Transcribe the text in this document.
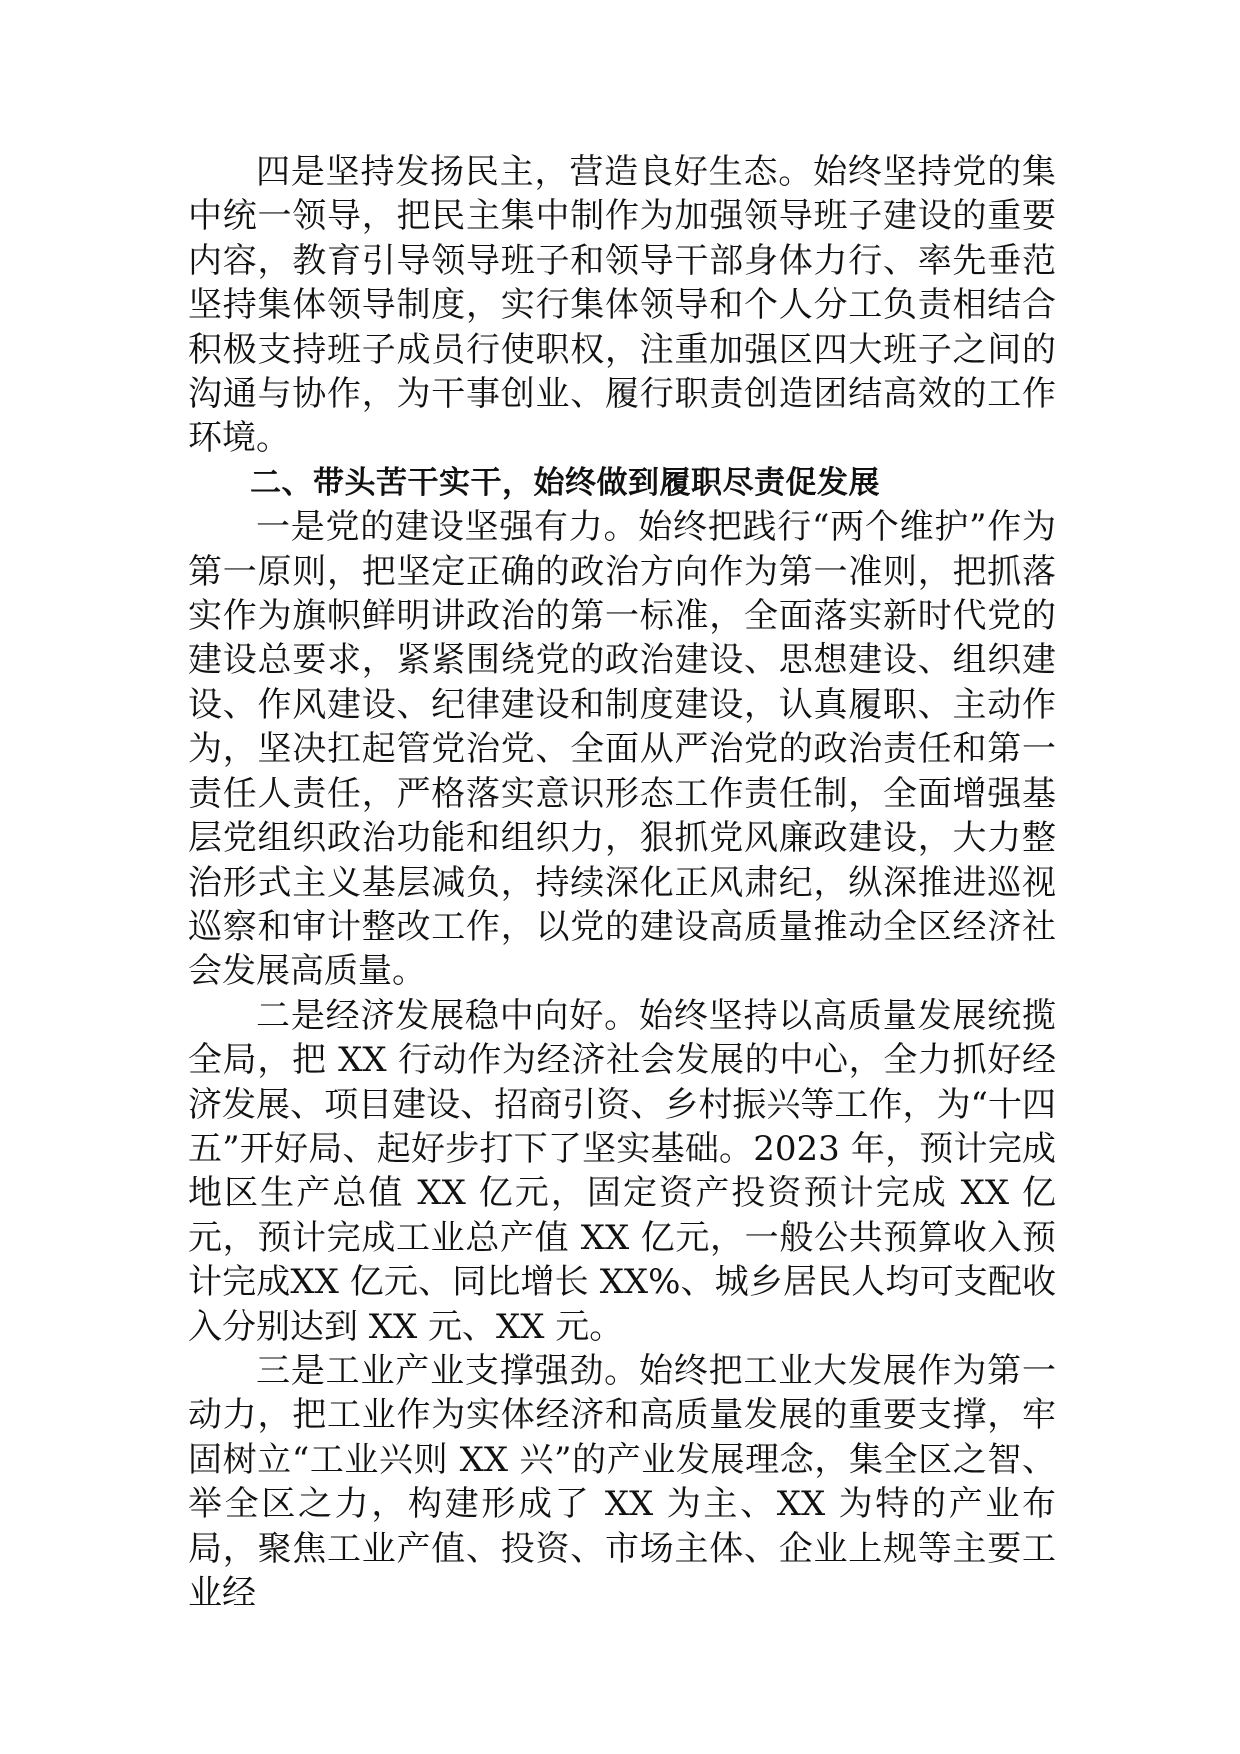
四是坚持发扬民主，营造良好生态。始终坚持党的集中统一领导，把民主集中制作为加强领导班子建设的重要内容，教育引导领导班子和领导干部身体力行、率先垂范坚持集体领导制度，实行集体领导和个人分工负责相结合积极支持班子成员行使职权，注重加强区四大班子之间的沟通与协作，为干事创业、履行职责创造团结高效的工作环境。

二、带头苦干实干，始终做到履职尽责促发展

一是党的建设坚强有力。始终把践行“两个维护”作为第一原则，把坚定正确的政治方向作为第一准则，把抓落实作为旗帜鲜明讲政治的第一标准，全面落实新时代党的建设总要求，紧紧围绕党的政治建设、思想建设、组织建设、作风建设、纪律建设和制度建设，认真履职、主动作为，坚决扛起管党治党、全面从严治党的政治责任和第一责任人责任，严格落实意识形态工作责任制，全面增强基层党组织政治功能和组织力，狠抓党风廉政建设，大力整治形式主义基层减负，持续深化正风肃纪，纵深推进巡视巡察和审计整改工作，以党的建设高质量推动全区经济社会发展高质量。

二是经济发展稳中向好。始终坚持以高质量发展统揽全局，把 XX 行动作为经济社会发展的中心，全力抓好经济发展、项目建设、招商引资、乡村振兴等工作，为“十四五”开好局、起好步打下了坚实基础。2023 年，预计完成地区生产总值 XX 亿元，固定资产投资预计完成 XX 亿元，预计完成工业总产值 XX 亿元，一般公共预算收入预计完成XX 亿元、同比增长 XX%、城乡居民人均可支配收入分别达到 XX 元、XX 元。

三是工业产业支撑强劲。始终把工业大发展作为第一动力，把工业作为实体经济和高质量发展的重要支撑，牢固树立“工业兴则 XX 兴”的产业发展理念，集全区之智、举全区之力，构建形成了 XX 为主、XX 为特的产业布局，聚焦工业产值、投资、市场主体、企业上规等主要工业经
